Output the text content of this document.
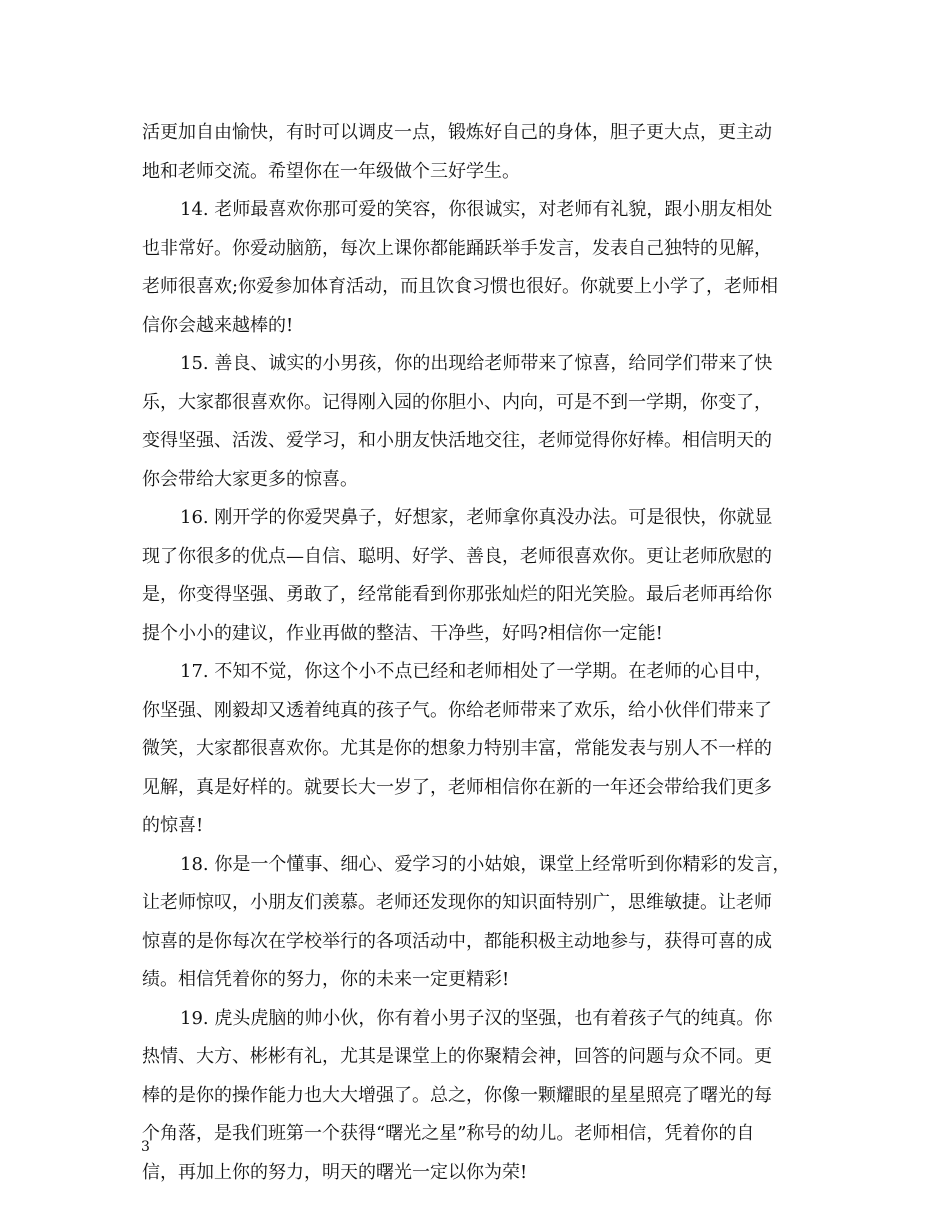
活更加自由愉快，有时可以调皮一点，锻炼好自己的身体，胆子更大点，更主动
地和老师交流。希望你在一年级做个三好学生。
14. 老师最喜欢你那可爱的笑容，你很诚实，对老师有礼貌，跟小朋友相处
也非常好。你爱动脑筋，每次上课你都能踊跃举手发言，发表自己独特的见解，
老师很喜欢;你爱参加体育活动，而且饮食习惯也很好。你就要上小学了，老师相
信你会越来越棒的!
15. 善良、诚实的小男孩，你的出现给老师带来了惊喜，给同学们带来了快
乐，大家都很喜欢你。记得刚入园的你胆小、内向，可是不到一学期，你变了，
变得坚强、活泼、爱学习，和小朋友快活地交往，老师觉得你好棒。相信明天的
你会带给大家更多的惊喜。
16. 刚开学的你爱哭鼻子，好想家，老师拿你真没办法。可是很快，你就显
现了你很多的优点—自信、聪明、好学、善良，老师很喜欢你。更让老师欣慰的
是，你变得坚强、勇敢了，经常能看到你那张灿烂的阳光笑脸。最后老师再给你
提个小小的建议，作业再做的整洁、干净些，好吗?相信你一定能!
17. 不知不觉，你这个小不点已经和老师相处了一学期。在老师的心目中，
你坚强、刚毅却又透着纯真的孩子气。你给老师带来了欢乐，给小伙伴们带来了
微笑，大家都很喜欢你。尤其是你的想象力特别丰富，常能发表与别人不一样的
见解，真是好样的。就要长大一岁了，老师相信你在新的一年还会带给我们更多
的惊喜!
18. 你是一个懂事、细心、爱学习的小姑娘，课堂上经常听到你精彩的发言，
让老师惊叹，小朋友们羡慕。老师还发现你的知识面特别广，思维敏捷。让老师
惊喜的是你每次在学校举行的各项活动中，都能积极主动地参与，获得可喜的成
绩。相信凭着你的努力，你的未来一定更精彩!
19. 虎头虎脑的帅小伙，你有着小男子汉的坚强，也有着孩子气的纯真。你
热情、大方、彬彬有礼，尤其是课堂上的你聚精会神，回答的问题与众不同。更
棒的是你的操作能力也大大增强了。总之，你像一颗耀眼的星星照亮了曙光的每
个角落，是我们班第一个获得“曙光之星”称号的幼儿。老师相信，凭着你的自
信，再加上你的努力，明天的曙光一定以你为荣!
3
